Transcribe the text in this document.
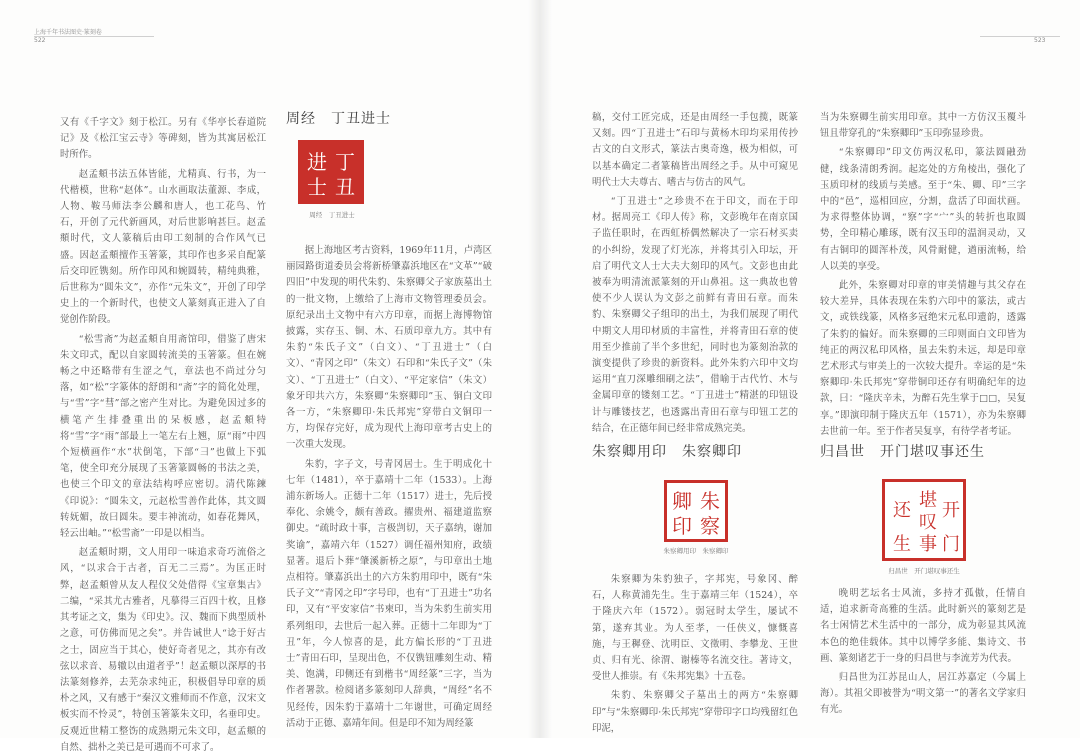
上海千年书法图史·篆刻卷
522

又有《千字文》刻于松江。另有《华亭长春道院记》及《松江宝云寺》等碑刻，皆为其寓居松江时所作。

赵孟頫书法五体皆能，尤精真、行书，为一代楷模，世称“赵体”。山水画取法董源、李成，人物、鞍马师法李公麟和唐人，也工花鸟、竹石，开创了元代新画风，对后世影响甚巨。赵孟頫时代，文人篆稿后由印工刻制的合作风气已盛。因赵孟頫擅作玉箸篆，其印作也多采自配篆后交印匠镌刻。所作印风和婉圆转，精纯典雅，后世称为“圆朱文”，亦作“元朱文”，开创了印学史上的一个新时代，也使文人篆刻真正进入了自觉创作阶段。

“松雪斋”为赵孟頫自用斋馆印，借鉴了唐宋朱文印式，配以自家圆转流美的玉箸篆。但在婉畅之中还略带有生涩之气，章法也不尚过分匀落，如“松”字篆体的舒朗和“斋”字的简化处理，与“雪”字“彗”部之密产生对比。为避免因过多的横笔产生排叠重出的呆板感，赵孟頫特将“雪”字“雨”部最上一笔左右上翘，原“雨”中四个短横画作“水”状倒笔，下部“彐”也做上下弧笔，使全印充分展现了玉箸篆圆畅的书法之美，也使三个印文的章法结构呼应密切。清代陈鍊《印说》：“圆朱文，元赵松雪善作此体，其文圆转妩媚，故曰圆朱。要丰神流动，如春花舞风，轻云出岫。”“松雪斋”一印是以相当。

赵孟頫时期，文人用印一味追求奇巧流俗之风，“以求合于古者，百无二三焉”。为匡正时弊，赵孟頫曾从友人程仪父处借得《宝章集古》二编，“采其尤古雅者，凡摹得三百四十枚，且修其考证之文，集为《印史》。汉、魏而下典型质朴之意，可仿佛而见之矣”。并告诫世人“谂于好古之士，固应当于其心，使好奇者见之，其亦有改弦以求音、易辙以由道者乎”！赵孟頫以深厚的书法篆刻修养，去芜杂求纯正，积极倡导印章的质朴之风，又有感于“秦汉文雅师而不作意，汉宋文板实而不怜灵”，特创玉箸篆朱文印，名垂印史。反观近世精工整饬的成熟期元朱文印，赵孟頫的自然、拙朴之美已是可遇而不可求了。

周经　丁丑进士
丁
丑
进
士
周经　丁丑进士

据上海地区考古资料，1969年11月，卢湾区丽园路街道委员会将新桥肇嘉浜地区在“文革”“破四旧”中发现的明代朱豹、朱察卿父子家族墓出土的一批文物，上缴给了上海市文物管理委员会。原纪录出土文物中有六方印章，而据上海博物馆披露，实存玉、铜、木、石质印章九方。其中有朱豹“朱氏子文”（白文）、“丁丑进士”（白文）、“青冈之印”（朱文）石印和“朱氏子文”（朱文）、“丁丑进士”（白文）、“平定家信”（朱文）象牙印共六方，朱察卿“朱察卿印”玉、铜白文印各一方，“朱察卿印·朱氏邦宪”穿带白文铜印一方，均保存完好，成为现代上海印章考古史上的一次重大发现。

朱豹，字子文，号青冈居士。生于明成化十七年（1481），卒于嘉靖十二年（1533）。上海浦东新场人。正德十二年（1517）进士，先后授奉化、余姚令，颇有善政。擢贵州、福建道监察御史。“疏时政十事，言极剀切，天子嘉纳，谢加奖谕”，嘉靖六年（1527）调任福州知府，政绩显著。退后卜葬“肇溪新桥之原”，与印章出土地点相符。肇嘉浜出土的六方朱豹用印中，既有“朱氏子文”“青冈之印”字号印，也有“丁丑进士”功名印，又有“平安家信”书柬印，当为朱豹生前实用系列组印，去世后一起入葬。正德十二年即为“丁丑”年，今人惊喜的是，此方偏长形的“丁丑进士”青田石印，呈现出色，不仅镌钮雕刻生动、精美、饱满，印侧还有到楷书“周经篆”三字，当为作者署款。检阅诸多篆刻印人辞典，“周经”名不见经传，因朱豹于嘉靖十二年谢世，可确定周经活动于正德、嘉靖年间。但是印不知为周经篆

523

稿，交付工匠完成，还是由周经一手包揽，既篆又刻。四“丁丑进士”石印与黄杨木印均采用传抄古文的白文形式，篆法古奥奇逸，极为相似，可以基本确定二者篆稿皆出周经之手。从中可窥见明代士大夫尊古、嗜古与仿古的风气。

“丁丑进士”之珍贵不在于印文，而在于印材。据周亮工《印人传》称，文彭晚年在南京国子监任职时，在西虹桥偶然解决了一宗石材买卖的小纠纷，发现了灯光冻，并将其引入印坛，开启了明代文人士大夫大刻印的风气。文彭也由此被奉为明清流派篆刻的开山鼻祖。这一典故也曾使不少人误认为文彭之前鲜有青田石章。而朱豹、朱察卿父子组印的出土，为我们展现了明代中期文人用印材质的丰富性，并将青田石章的使用至少推前了半个多世纪，同时也为篆刻治款的演变提供了珍贵的新资料。此外朱豹六印中文均运用“直刀深雕细刷之法”，借喻于古代竹、木与金属印章的镂刻工艺。“丁丑进士”精湛的印钮设计与雕镂技艺，也透露出青田石章与印钮工艺的结合，在正德年间已经非常成熟完美。

朱察卿用印　朱察卿印
朱
察
卿
印
朱察卿用印　朱察卿印

朱察卿为朱豹独子，字邦宪，号象冈、醉石，人称黄浦先生。生于嘉靖三年（1524），卒于隆庆六年（1572）。弱冠时太学生，屡试不第，遂弃其业。为人至孝，一任侠义，慷慨喜施，与王穉登、沈明臣、文徵明、李攀龙、王世贞、归有光、徐渭、谢榛等名流交往。著诗文，受世人推崇。有《朱邦宪集》十五卷。

朱豹、朱察卿父子墓出土的两方“朱察卿印”与“朱察卿印·朱氏邦宪”穿带印字口均残留红色印泥，

当为朱察卿生前实用印章。其中一方仿汉玉覆斗钮且带穿孔的“朱察卿印”玉印弥显珍贵。

“朱察卿印”印文仿两汉私印，篆法圆融劲健，线条清朗秀润。起迄处的方角棱出，强化了玉质印材的线质与美感。至于“朱、卿、印”三字中的“邑”，巡相回应，分割，盘活了印面状画。为求得整体协调，“察”字“宀”头的转折也取圆势，全印精心雕琢，既有汉玉印的温润灵动，又有古铜印的圆浑朴茂，风骨耐健，遒丽流畅，给人以美的享受。

此外，朱察卿对印章的审美情趣与其父存在较大差异，具体表现在朱豹六印中的篆法，或古文，或铁线篆，风格多冠绝宋元私印遗韵，透露了朱豹的偏好。而朱察卿的三印则面白文印皆为纯正的两汉私印风格，虽去朱豹未远，却是印章艺术形式与审美上的一次较大提升。幸运的是“朱察卿印·朱氏邦宪”穿带铜印还存有明确纪年的边款，曰：“隆庆辛未，为醉石先生掌于□□，吴复享。”即演印制于隆庆五年（1571），亦为朱察卿去世前一年。至于作者吴复享，有待学者考证。

归昌世　开门堪叹事还生
开
门
堪
叹
事
还
生
归昌世　开门堪叹事还生

晚明艺坛名士风流，多持才孤傲，任情自适，追求新奇高雅的生活。此时新兴的篆刻艺是名士闲情艺术生活中的一部分，成为彰显其风流本色的绝佳载体。其中以博学多能、集诗文、书画、篆刻诸艺于一身的归昌世与李流芳为代表。

归昌世为江苏昆山人，居江苏嘉定（今属上海）。其祖父即被誉为“明文第一”的著名文学家归有光。
